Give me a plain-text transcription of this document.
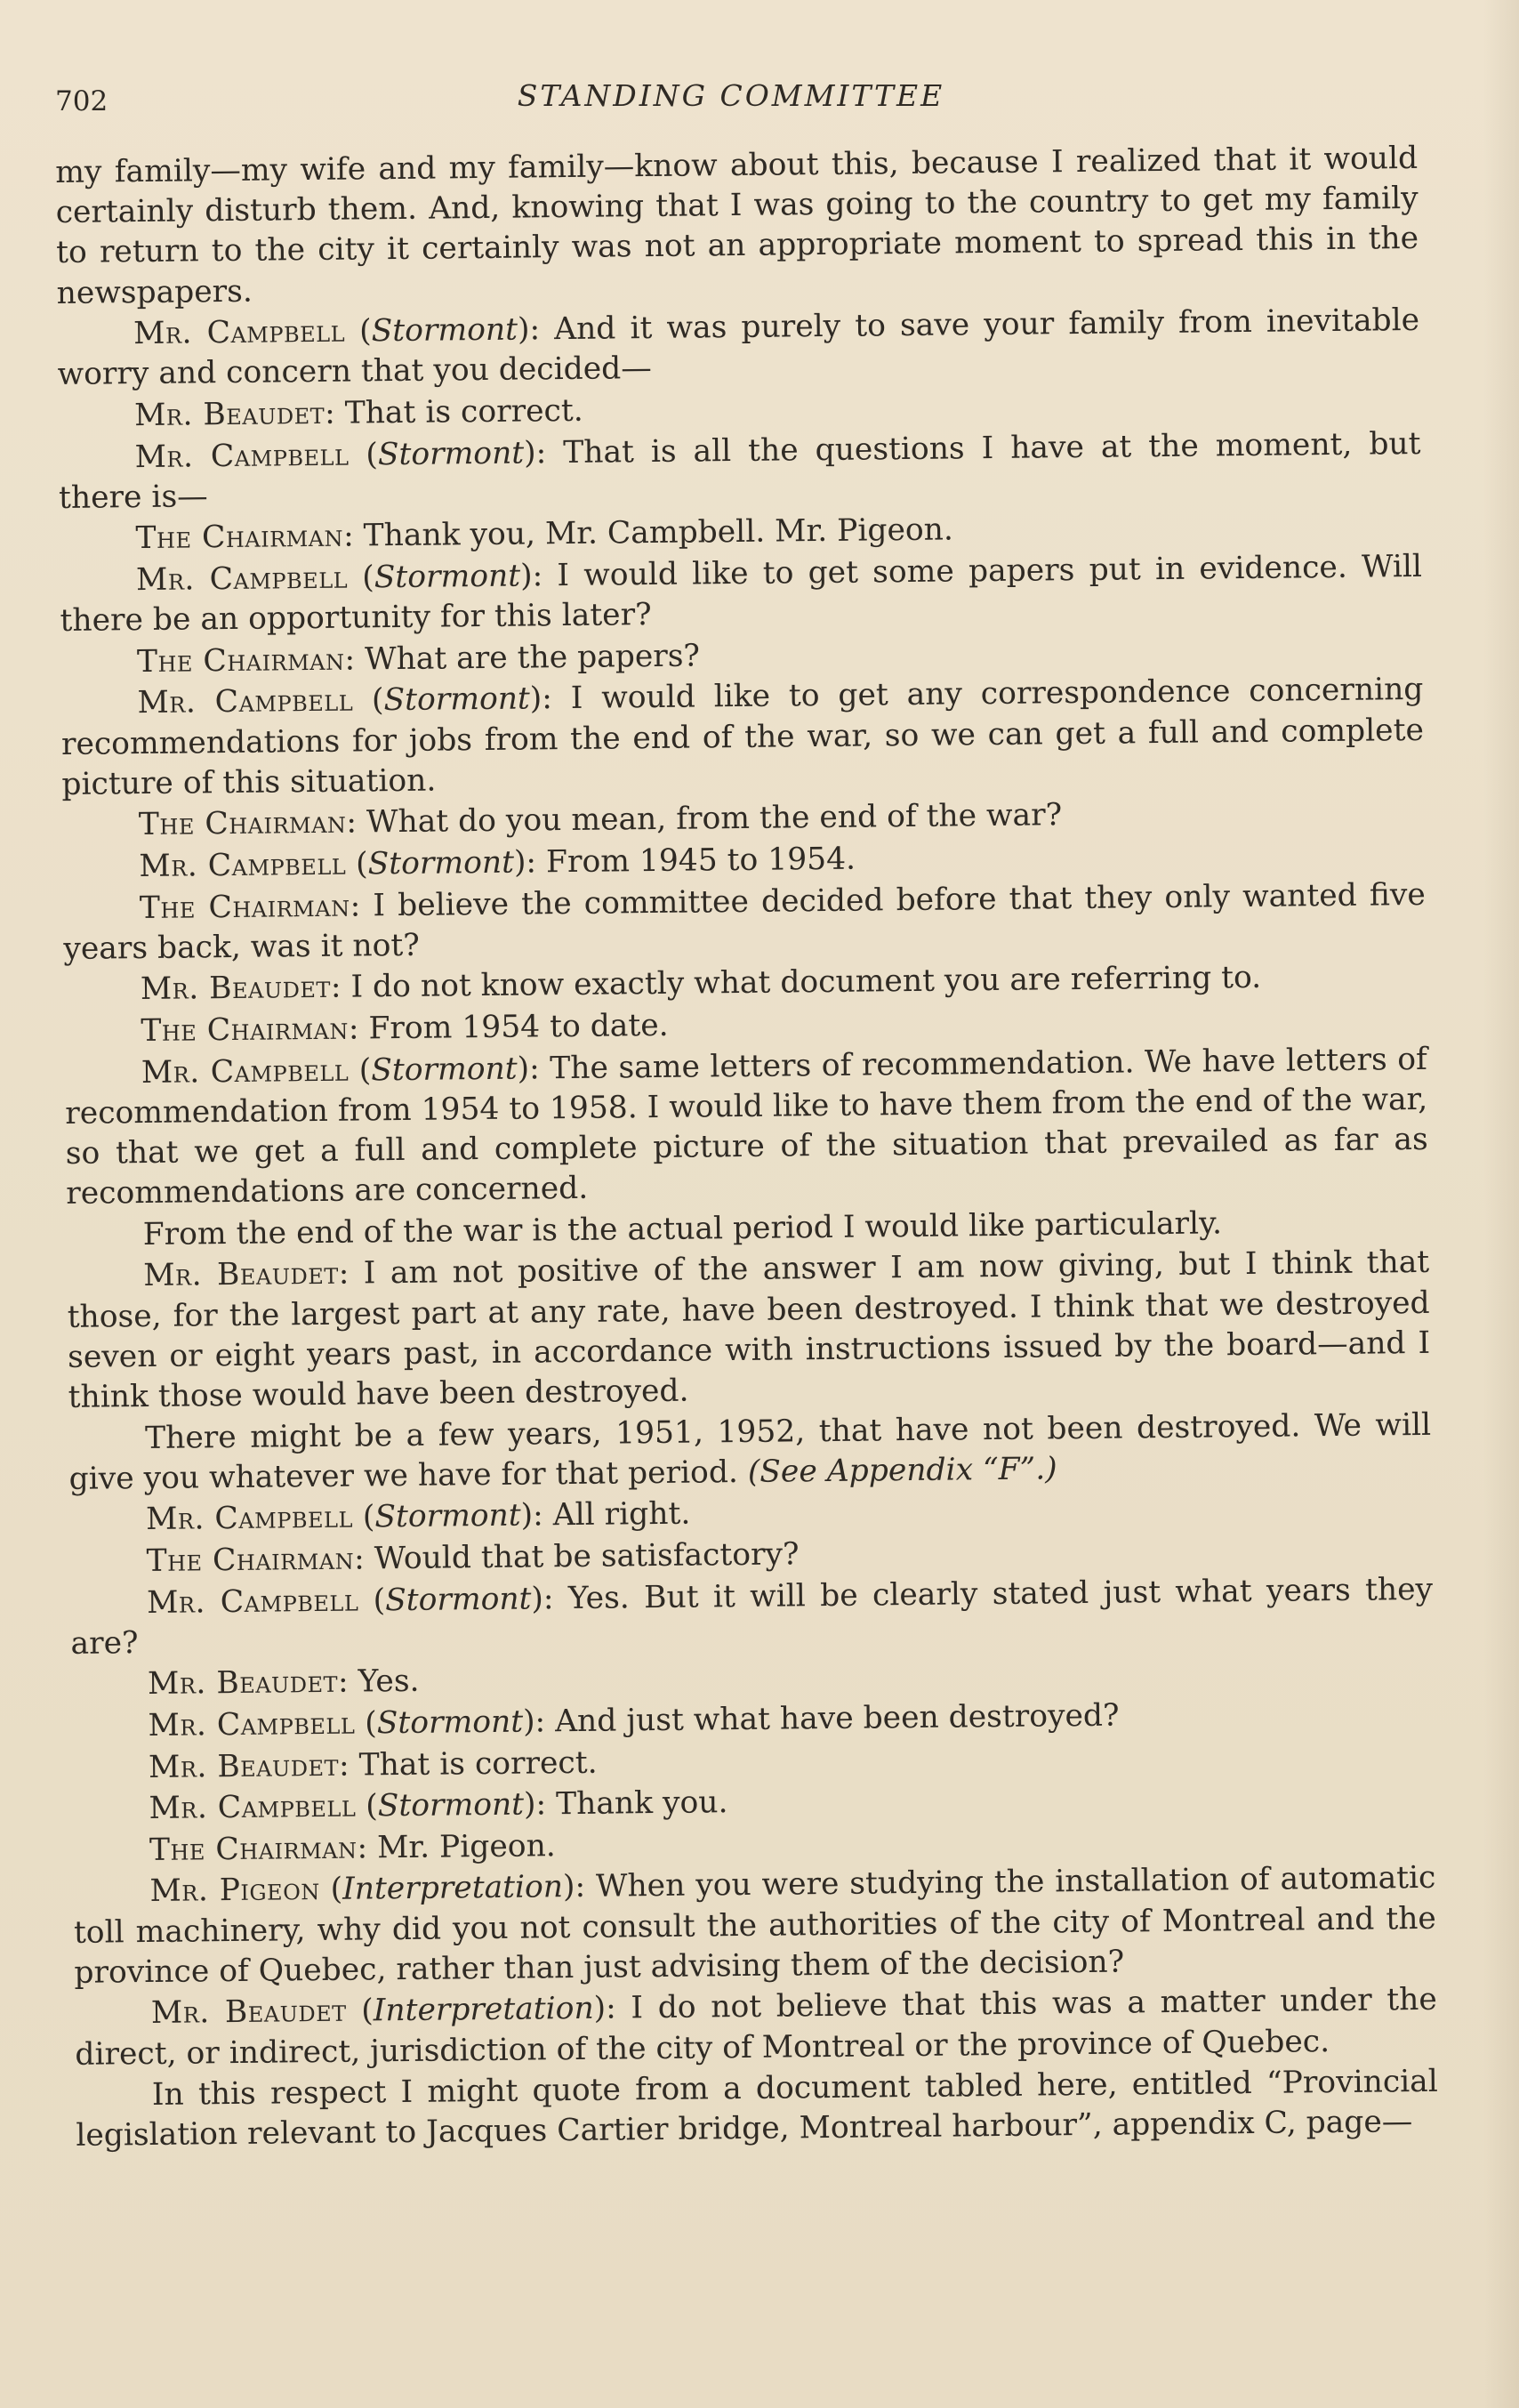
702	STANDING COMMITTEE

my family—my wife and my family—know about this, because I realized that it would certainly disturb them. And, knowing that I was going to the country to get my family to return to the city it certainly was not an appropriate moment to spread this in the newspapers.

Mr. Campbell (Stormont): And it was purely to save your family from inevitable worry and concern that you decided—

Mr. Beaudet: That is correct.

Mr. Campbell (Stormont): That is all the questions I have at the moment, but there is—

The Chairman: Thank you, Mr. Campbell. Mr. Pigeon.

Mr. Campbell (Stormont): I would like to get some papers put in evidence. Will there be an opportunity for this later?

The Chairman: What are the papers?

Mr. Campbell (Stormont): I would like to get any correspondence concerning recommendations for jobs from the end of the war, so we can get a full and complete picture of this situation.

The Chairman: What do you mean, from the end of the war?

Mr. Campbell (Stormont): From 1945 to 1954.

The Chairman: I believe the committee decided before that they only wanted five years back, was it not?

Mr. Beaudet: I do not know exactly what document you are referring to.

The Chairman: From 1954 to date.

Mr. Campbell (Stormont): The same letters of recommendation. We have letters of recommendation from 1954 to 1958. I would like to have them from the end of the war, so that we get a full and complete picture of the situation that prevailed as far as recommendations are concerned.

From the end of the war is the actual period I would like particularly.

Mr. Beaudet: I am not positive of the answer I am now giving, but I think that those, for the largest part at any rate, have been destroyed. I think that we destroyed seven or eight years past, in accordance with instructions issued by the board—and I think those would have been destroyed.

There might be a few years, 1951, 1952, that have not been destroyed. We will give you whatever we have for that period. (See Appendix “F”.)

Mr. Campbell (Stormont): All right.

The Chairman: Would that be satisfactory?

Mr. Campbell (Stormont): Yes. But it will be clearly stated just what years they are?

Mr. Beaudet: Yes.

Mr. Campbell (Stormont): And just what have been destroyed?

Mr. Beaudet: That is correct.

Mr. Campbell (Stormont): Thank you.

The Chairman: Mr. Pigeon.

Mr. Pigeon (Interpretation): When you were studying the installation of automatic toll machinery, why did you not consult the authorities of the city of Montreal and the province of Quebec, rather than just advising them of the decision?

Mr. Beaudet (Interpretation): I do not believe that this was a matter under the direct, or indirect, jurisdiction of the city of Montreal or the province of Quebec.

In this respect I might quote from a document tabled here, entitled “Provincial legislation relevant to Jacques Cartier bridge, Montreal harbour”, appendix C, page—
